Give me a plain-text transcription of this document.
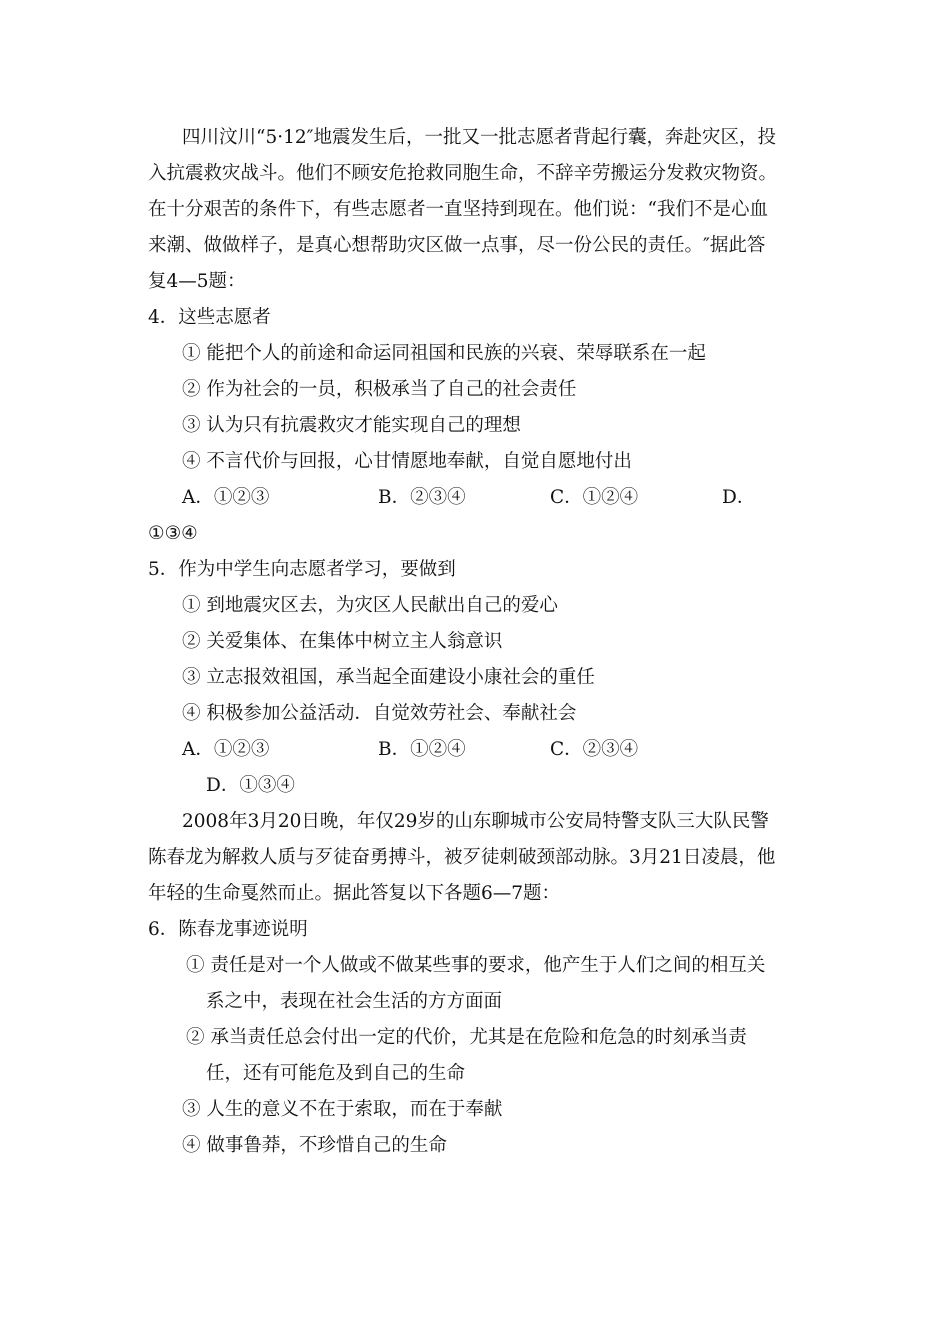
四川汶川“5·12″地震发生后，一批又一批志愿者背起行囊，奔赴灾区，投
入抗震救灾战斗。他们不顾安危抢救同胞生命，不辞辛劳搬运分发救灾物资。
在十分艰苦的条件下，有些志愿者一直坚持到现在。他们说：“我们不是心血
来潮、做做样子，是真心想帮助灾区做一点事，尽一份公民的责任。″据此答
复4—5题：
4．这些志愿者
① 能把个人的前途和命运同祖国和民族的兴衰、荣辱联系在一起
② 作为社会的一员，积极承当了自己的社会责任
③ 认为只有抗震救灾才能实现自己的理想
④ 不言代价与回报，心甘情愿地奉献，自觉自愿地付出
A．①②③	B．②③④	C．①②④	D．
①③④
5．作为中学生向志愿者学习，要做到
① 到地震灾区去，为灾区人民献出自己的爱心
② 关爱集体、在集体中树立主人翁意识
③ 立志报效祖国，承当起全面建设小康社会的重任
④ 积极参加公益活动．自觉效劳社会、奉献社会
A．①②③	B．①②④	C．②③④
D．①③④
2008年3月20日晚，年仅29岁的山东聊城市公安局特警支队三大队民警
陈春龙为解救人质与歹徒奋勇搏斗，被歹徒刺破颈部动脉。3月21日凌晨，他
年轻的生命戛然而止。据此答复以下各题6—7题：
6．陈春龙事迹说明
① 责任是对一个人做或不做某些事的要求，他产生于人们之间的相互关
系之中，表现在社会生活的方方面面
② 承当责任总会付出一定的代价，尤其是在危险和危急的时刻承当责
任，还有可能危及到自己的生命
③ 人生的意义不在于索取，而在于奉献
④ 做事鲁莽，不珍惜自己的生命
